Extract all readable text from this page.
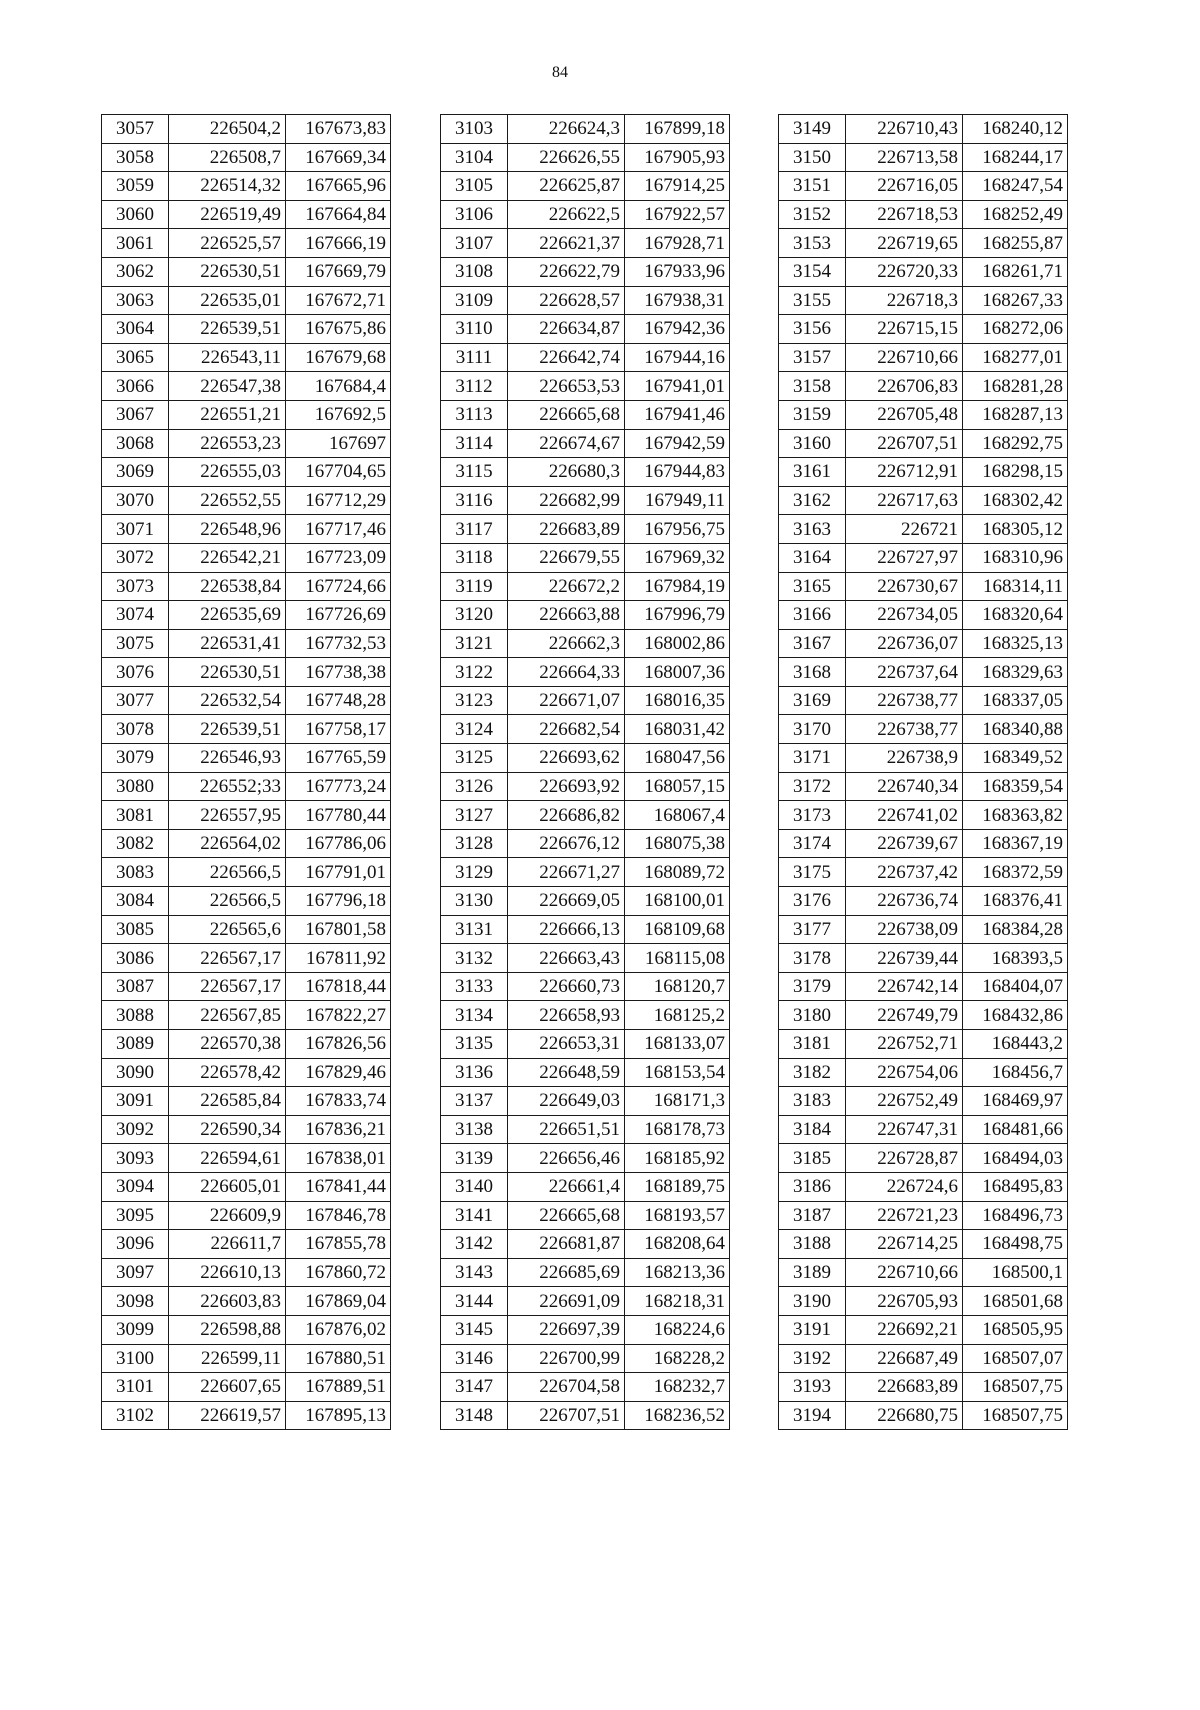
84
3057	226504,2	167673,83
3058	226508,7	167669,34
3059	226514,32	167665,96
3060	226519,49	167664,84
3061	226525,57	167666,19
3062	226530,51	167669,79
3063	226535,01	167672,71
3064	226539,51	167675,86
3065	226543,11	167679,68
3066	226547,38	167684,4
3067	226551,21	167692,5
3068	226553,23	167697
3069	226555,03	167704,65
3070	226552,55	167712,29
3071	226548,96	167717,46
3072	226542,21	167723,09
3073	226538,84	167724,66
3074	226535,69	167726,69
3075	226531,41	167732,53
3076	226530,51	167738,38
3077	226532,54	167748,28
3078	226539,51	167758,17
3079	226546,93	167765,59
3080	226552;33	167773,24
3081	226557,95	167780,44
3082	226564,02	167786,06
3083	226566,5	167791,01
3084	226566,5	167796,18
3085	226565,6	167801,58
3086	226567,17	167811,92
3087	226567,17	167818,44
3088	226567,85	167822,27
3089	226570,38	167826,56
3090	226578,42	167829,46
3091	226585,84	167833,74
3092	226590,34	167836,21
3093	226594,61	167838,01
3094	226605,01	167841,44
3095	226609,9	167846,78
3096	226611,7	167855,78
3097	226610,13	167860,72
3098	226603,83	167869,04
3099	226598,88	167876,02
3100	226599,11	167880,51
3101	226607,65	167889,51
3102	226619,57	167895,13
3103	226624,3	167899,18
3104	226626,55	167905,93
3105	226625,87	167914,25
3106	226622,5	167922,57
3107	226621,37	167928,71
3108	226622,79	167933,96
3109	226628,57	167938,31
3110	226634,87	167942,36
3111	226642,74	167944,16
3112	226653,53	167941,01
3113	226665,68	167941,46
3114	226674,67	167942,59
3115	226680,3	167944,83
3116	226682,99	167949,11
3117	226683,89	167956,75
3118	226679,55	167969,32
3119	226672,2	167984,19
3120	226663,88	167996,79
3121	226662,3	168002,86
3122	226664,33	168007,36
3123	226671,07	168016,35
3124	226682,54	168031,42
3125	226693,62	168047,56
3126	226693,92	168057,15
3127	226686,82	168067,4
3128	226676,12	168075,38
3129	226671,27	168089,72
3130	226669,05	168100,01
3131	226666,13	168109,68
3132	226663,43	168115,08
3133	226660,73	168120,7
3134	226658,93	168125,2
3135	226653,31	168133,07
3136	226648,59	168153,54
3137	226649,03	168171,3
3138	226651,51	168178,73
3139	226656,46	168185,92
3140	226661,4	168189,75
3141	226665,68	168193,57
3142	226681,87	168208,64
3143	226685,69	168213,36
3144	226691,09	168218,31
3145	226697,39	168224,6
3146	226700,99	168228,2
3147	226704,58	168232,7
3148	226707,51	168236,52
3149	226710,43	168240,12
3150	226713,58	168244,17
3151	226716,05	168247,54
3152	226718,53	168252,49
3153	226719,65	168255,87
3154	226720,33	168261,71
3155	226718,3	168267,33
3156	226715,15	168272,06
3157	226710,66	168277,01
3158	226706,83	168281,28
3159	226705,48	168287,13
3160	226707,51	168292,75
3161	226712,91	168298,15
3162	226717,63	168302,42
3163	226721	168305,12
3164	226727,97	168310,96
3165	226730,67	168314,11
3166	226734,05	168320,64
3167	226736,07	168325,13
3168	226737,64	168329,63
3169	226738,77	168337,05
3170	226738,77	168340,88
3171	226738,9	168349,52
3172	226740,34	168359,54
3173	226741,02	168363,82
3174	226739,67	168367,19
3175	226737,42	168372,59
3176	226736,74	168376,41
3177	226738,09	168384,28
3178	226739,44	168393,5
3179	226742,14	168404,07
3180	226749,79	168432,86
3181	226752,71	168443,2
3182	226754,06	168456,7
3183	226752,49	168469,97
3184	226747,31	168481,66
3185	226728,87	168494,03
3186	226724,6	168495,83
3187	226721,23	168496,73
3188	226714,25	168498,75
3189	226710,66	168500,1
3190	226705,93	168501,68
3191	226692,21	168505,95
3192	226687,49	168507,07
3193	226683,89	168507,75
3194	226680,75	168507,75
